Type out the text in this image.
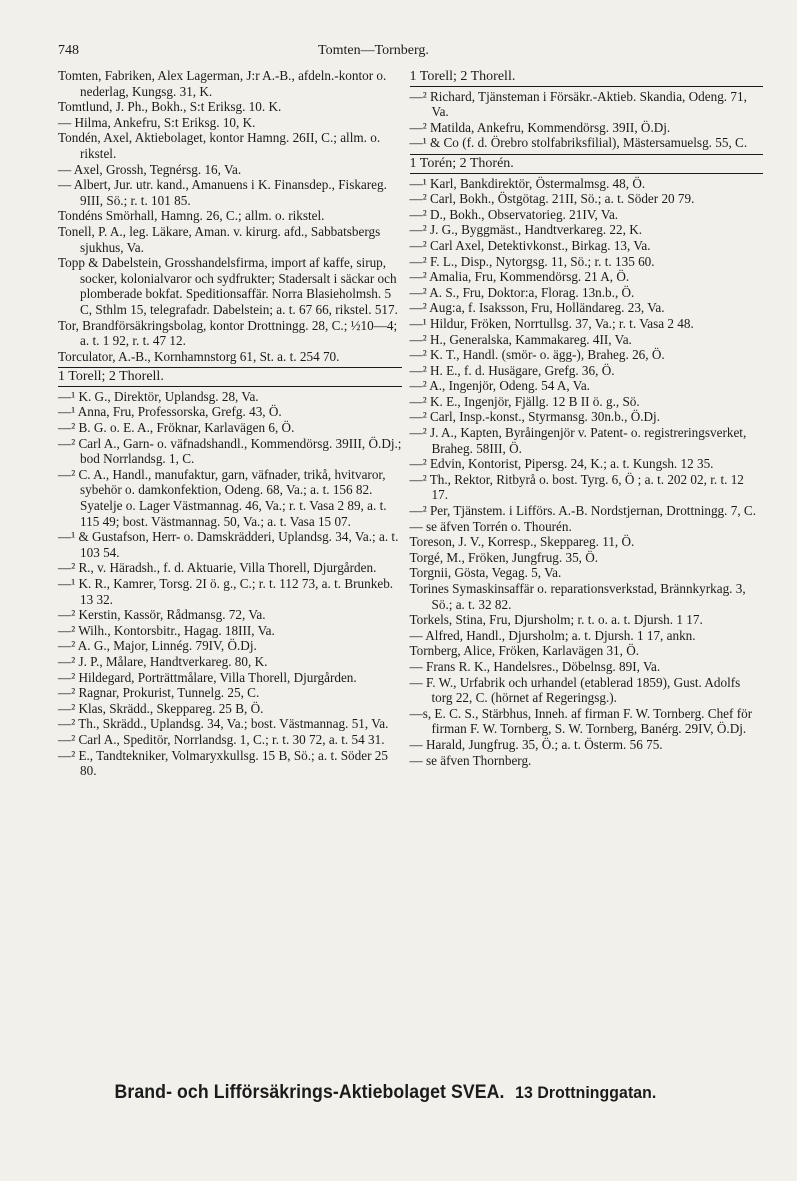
748	Tomten—Tornberg.
Tomten, Fabriken, Alex Lagerman, J:r A.-B., afdeln.-kontor o. nederlag, Kungsg. 31, K.
Tomtlund, J. Ph., Bokh., S:t Eriksg. 10. K.
— Hilma, Ankefru, S:t Eriksg. 10, K.
Tondén, Axel, Aktiebolaget, kontor Hamng. 26II, C.; allm. o. rikstel.
— Axel, Grossh, Tegnérsg. 16, Va.
— Albert, Jur. utr. kand., Amanuens i K. Finansdep., Fiskareg. 9III, Sö.; r. t. 101 85.
Tondéns Smörhall, Hamng. 26, C.; allm. o. rikstel.
Tonell, P. A., leg. Läkare, Aman. v. kirurg. afd., Sabbatsbergs sjukhus, Va.
Topp & Dabelstein, Grosshandelsfirma, import af kaffe, sirup, socker, kolonialvaror och sydfrukter; Stadersalt i säckar och plomberade bokfat. Speditionsaffär. Norra Blasieholmsh. 5 C, Sthlm 15, telegrafadr. Dabelstein; a. t. 67 66, rikstel. 517.
Tor, Brandförsäkringsbolag, kontor Drottningg. 28, C.; ½10—4; a. t. 1 92, r. t. 47 12.
Torculator, A.-B., Kornhamnstorg 61, St. a. t. 254 70.
1 Torell; 2 Thorell.
—¹ K. G., Direktör, Uplandsg. 28, Va.
—¹ Anna, Fru, Professorska, Grefg. 43, Ö.
—² B. G. o. E. A., Fröknar, Karlavägen 6, Ö.
—² Carl A., Garn- o. väfnadshandl., Kommendörsg. 39III, Ö.Dj.; bod Norrlandsg. 1, C.
—² C. A., Handl., manufaktur, garn, väfnader, trikå, hvitvaror, sybehör o. damkonfektion, Odeng. 68, Va.; a. t. 156 82. Syatelje o. Lager Västmannag. 46, Va.; r. t. Vasa 2 89, a. t. 115 49; bost. Västmannag. 50, Va.; a. t. Vasa 15 07.
—¹ & Gustafson, Herr- o. Damskrädderi, Uplandsg. 34, Va.; a. t. 103 54.
—² R., v. Häradsh., f. d. Aktuarie, Villa Thorell, Djurgården.
—¹ K. R., Kamrer, Torsg. 2I ö. g., C.; r. t. 112 73, a. t. Brunkeb. 13 32.
—² Kerstin, Kassör, Rådmansg. 72, Va.
—² Wilh., Kontorsbitr., Hagag. 18III, Va.
—² A. G., Major, Linnég. 79IV, Ö.Dj.
—² J. P., Målare, Handtverkareg. 80, K.
—² Hildegard, Porträttmålare, Villa Thorell, Djurgården.
—² Ragnar, Prokurist, Tunnelg. 25, C.
—² Klas, Skrädd., Skeppareg. 25 B, Ö.
—² Th., Skrädd., Uplandsg. 34, Va.; bost. Västmannag. 51, Va.
—² Carl A., Speditör, Norrlandsg. 1, C.; r. t. 30 72, a. t. 54 31.
—² E., Tandtekniker, Volmaryxkullsg. 15 B, Sö.; a. t. Söder 25 80.
1 Torell; 2 Thorell.
—² Richard, Tjänsteman i Försäkr.-Aktieb. Skandia, Odeng. 71, Va.
—² Matilda, Ankefru, Kommendörsg. 39II, Ö.Dj.
—¹ & Co (f. d. Örebro stolfabriksfilial), Mästersamuelsg. 55, C.
1 Torén; 2 Thorén.
—¹ Karl, Bankdirektör, Östermalmsg. 48, Ö.
—² Carl, Bokh., Östgötag. 21II, Sö.; a. t. Söder 20 79.
—² D., Bokh., Observatorieg. 21IV, Va.
—² J. G., Byggmäst., Handtverkareg. 22, K.
—² Carl Axel, Detektivkonst., Birkag. 13, Va.
—² F. L., Disp., Nytorgsg. 11, Sö.; r. t. 135 60.
—² Amalia, Fru, Kommendörsg. 21 A, Ö.
—² A. S., Fru, Doktor:a, Florag. 13n.b., Ö.
—² Aug:a, f. Isaksson, Fru, Holländareg. 23, Va.
—¹ Hildur, Fröken, Norrtullsg. 37, Va.; r. t. Vasa 2 48.
—² H., Generalska, Kammakareg. 4II, Va.
—² K. T., Handl. (smör- o. ägg-), Braheg. 26, Ö.
—² H. E., f. d. Husägare, Grefg. 36, Ö.
—² A., Ingenjör, Odeng. 54 A, Va.
—² K. E., Ingenjör, Fjällg. 12 B II ö. g., Sö.
—² Carl, Insp.-konst., Styrmansg. 30n.b., Ö.Dj.
—² J. A., Kapten, Byråingenjör v. Patent- o. registreringsverket, Braheg. 58III, Ö.
—² Edvin, Kontorist, Pipersg. 24, K.; a. t. Kungsh. 12 35.
—² Th., Rektor, Ritbyrå o. bost. Tyrg. 6, Ö ; a. t. 202 02, r. t. 12 17.
—² Per, Tjänstem. i Lifförs. A.-B. Nordstjernan, Drottningg. 7, C.
— se äfven Torrén o. Thourén.
Toreson, J. V., Korresp., Skeppareg. 11, Ö.
Torgé, M., Fröken, Jungfrug. 35, Ö.
Torgnii, Gösta, Vegag. 5, Va.
Torines Symaskinsaffär o. reparationsverkstad, Brännkyrkag. 3, Sö.; a. t. 32 82.
Torkels, Stina, Fru, Djursholm; r. t. o. a. t. Djursh. 1 17.
— Alfred, Handl., Djursholm; a. t. Djursh. 1 17, ankn.
Tornberg, Alice, Fröken, Karlavägen 31, Ö.
— Frans R. K., Handelsres., Döbelnsg. 89I, Va.
— F. W., Urfabrik och urhandel (etablerad 1859), Gust. Adolfs torg 22, C. (hörnet af Regeringsg.).
—s, E. C. S., Stärbhus, Inneh. af firman F. W. Tornberg. Chef för firman F. W. Tornberg, S. W. Tornberg, Banérg. 29IV, Ö.Dj.
— Harald, Jungfrug. 35, Ö.; a. t. Österm. 56 75.
— se äfven Thornberg.
Brand- och Lifförsäkrings-Aktiebolaget SVEA. 13 Drottninggatan.
